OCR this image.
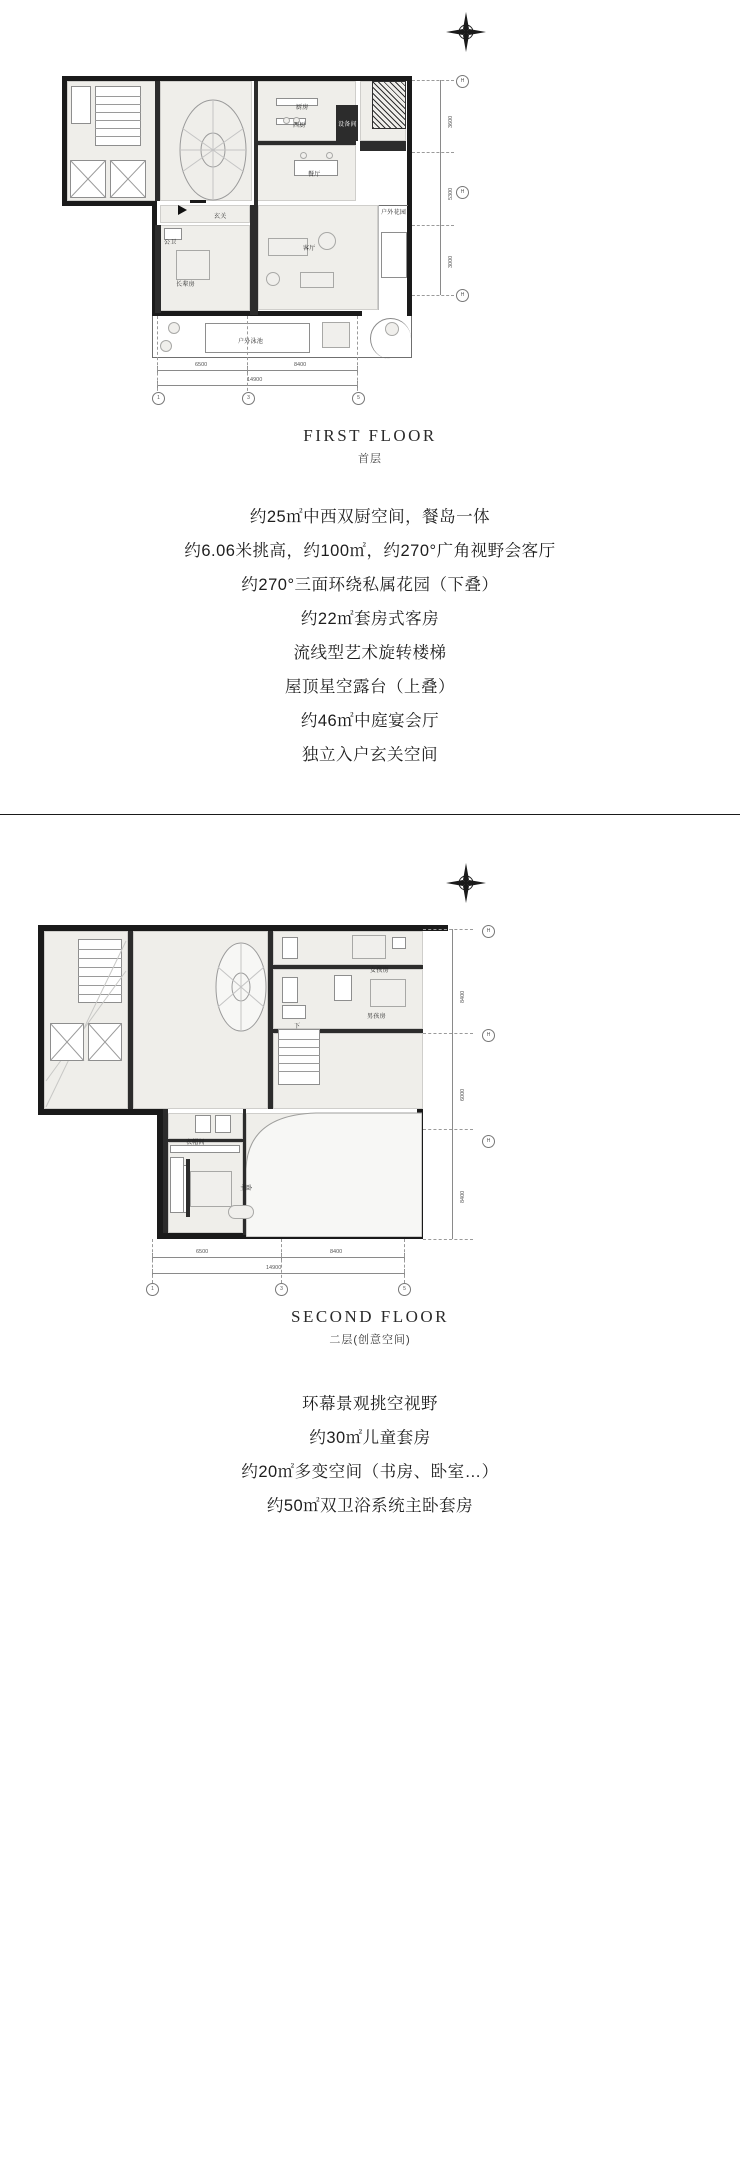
厨房
西厨	设备间
餐厅
户外花园
玄关
公卫
客厅
长辈房
户外泳池
3600
5300
3000
6500	8400
14900
H
H
H
1	3	5
FIRST FLOOR
首层
约25㎡中西双厨空间，餐岛一体
约6.06米挑高，约100㎡，约270°广角视野会客厅
约270°三面环绕私属花园（下叠）
约22㎡套房式客房
流线型艺术旋转楼梯
屋顶星空露台（上叠）
约46㎡中庭宴会厅
独立入户玄关空间
女孩房
男孩房
下
衣帽间
主卧
8400
6000
8400
6500	8400
14900
H
H
H
1	3	5
SECOND FLOOR
二层(创意空间)
环幕景观挑空视野
约30㎡儿童套房
约20㎡多变空间（书房、卧室…）
约50㎡双卫浴系统主卧套房
